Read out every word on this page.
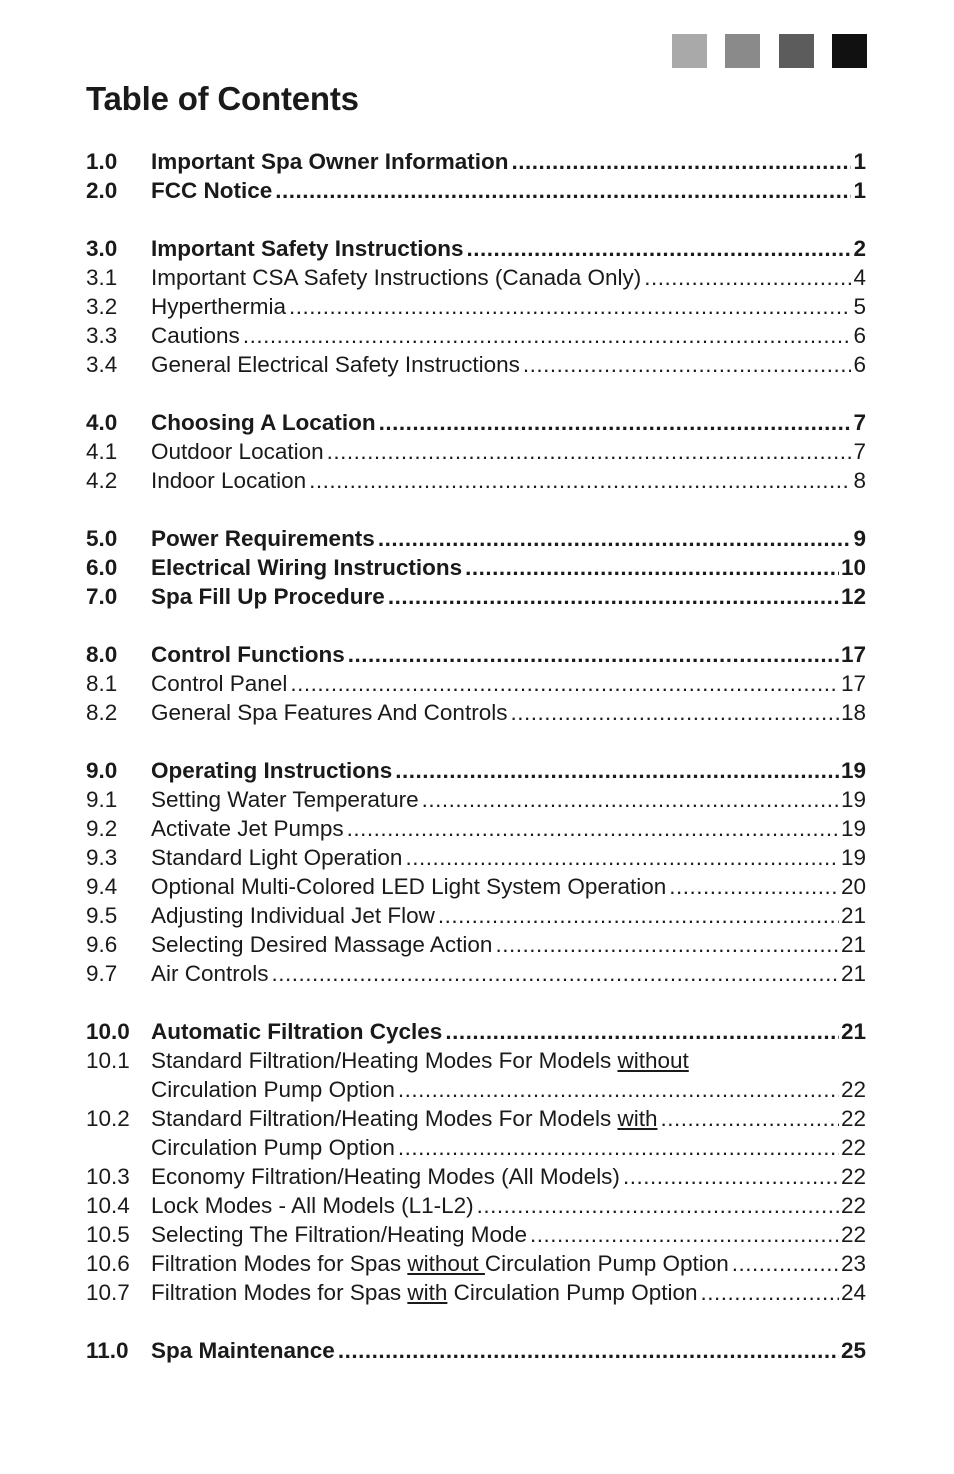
Table of Contents
1.0	Important Spa Owner Information .....	1
2.0	FCC Notice .....	1
3.0	Important Safety Instructions .....	2
3.1	Important CSA Safety Instructions (Canada Only) .....	4
3.2	Hyperthermia .....	5
3.3	Cautions .....	6
3.4	General Electrical Safety Instructions .....	6
4.0	Choosing A Location .....	7
4.1	Outdoor Location .....	7
4.2	Indoor Location .....	8
5.0	Power Requirements .....	9
6.0	Electrical Wiring Instructions .....	10
7.0	Spa Fill Up Procedure .....	12
8.0	Control Functions .....	17
8.1	Control Panel .....	17
8.2	General Spa Features And Controls .....	18
9.0	Operating Instructions .....	19
9.1	Setting Water Temperature .....	19
9.2	Activate Jet Pumps .....	19
9.3	Standard Light Operation .....	19
9.4	Optional Multi-Colored LED Light System Operation .....	20
9.5	Adjusting Individual Jet Flow .....	21
9.6	Selecting Desired Massage Action .....	21
9.7	Air Controls .....	21
10.0 Automatic Filtration Cycles .....	21
10.1 Standard Filtration/Heating Modes For Models without
Circulation Pump Option .....	22
10.2 Standard Filtration/Heating Modes For Models with .....	22
Circulation Pump Option .....	22
10.3 Economy Filtration/Heating Modes (All Models) .....	22
10.4 Lock Modes - All Models (L1-L2) .....	22
10.5 Selecting The Filtration/Heating Mode .....	22
10.6 Filtration Modes for Spas without Circulation Pump Option .....	23
10.7 Filtration Modes for Spas with Circulation Pump Option .....	24
11.0 Spa Maintenance .....	25
